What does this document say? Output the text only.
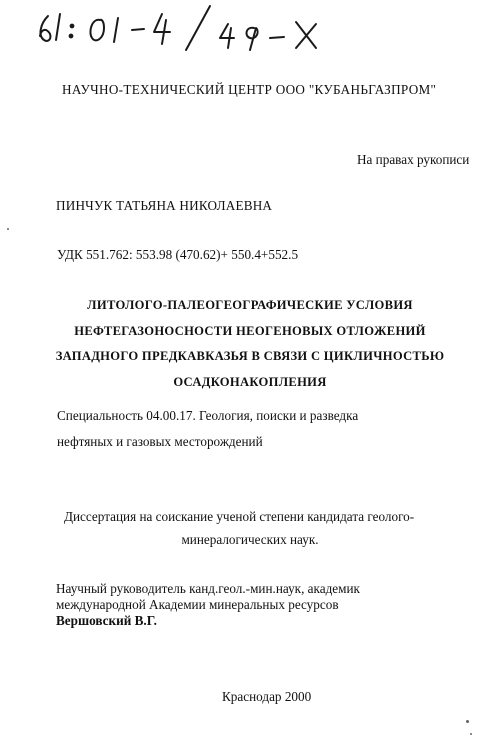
НАУЧНО-ТЕХНИЧЕСКИЙ ЦЕНТР ООО "КУБАНЬГАЗПРОМ"
На правах рукописи
ПИНЧУК ТАТЬЯНА НИКОЛАЕВНА
УДК 551.762: 553.98 (470.62)+ 550.4+552.5
ЛИТОЛОГО-ПАЛЕОГЕОГРАФИЧЕСКИЕ УСЛОВИЯ
НЕФТЕГАЗОНОСНОСТИ НЕОГЕНОВЫХ ОТЛОЖЕНИЙ
ЗАПАДНОГО ПРЕДКАВКАЗЬЯ В СВЯЗИ С ЦИКЛИЧНОСТЬЮ
ОСАДКОНАКОПЛЕНИЯ
Специальность 04.00.17. Геология, поиски и разведка
нефтяных и газовых месторождений
Диссертация на соискание ученой степени кандидата геолого-
минералогических наук.
Научный руководитель канд.геол.-мин.наук, академик
международной Академии минеральных ресурсов
Вершовский В.Г.
Краснодар 2000
